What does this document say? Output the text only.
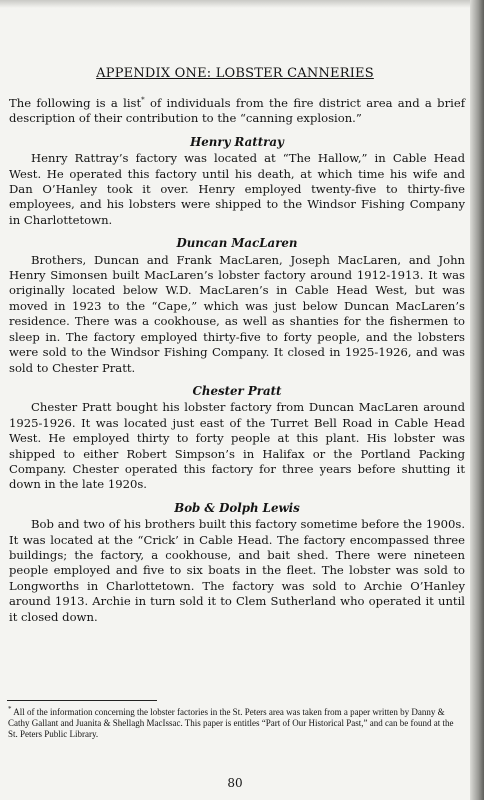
APPENDIX ONE: LOBSTER CANNERIES

The following is a list* of individuals from the fire district area and a brief description of their contribution to the “canning explosion.”

Henry Rattray

Henry Rattray’s factory was located at “The Hallow,” in Cable Head West. He operated this factory until his death, at which time his wife and Dan O’Hanley took it over. Henry employed twenty-five to thirty-five employees, and his lobsters were shipped to the Windsor Fishing Company in Charlottetown.

Duncan MacLaren

Brothers, Duncan and Frank MacLaren, Joseph MacLaren, and John Henry Simonsen built MacLaren’s lobster factory around 1912-1913. It was originally located below W.D. MacLaren’s in Cable Head West, but was moved in 1923 to the “Cape,” which was just below Duncan MacLaren’s residence. There was a cookhouse, as well as shanties for the fishermen to sleep in. The factory employed thirty-five to forty people, and the lobsters were sold to the Windsor Fishing Company. It closed in 1925-1926, and was sold to Chester Pratt.

Chester Pratt

Chester Pratt bought his lobster factory from Duncan MacLaren around 1925-1926. It was located just east of the Turret Bell Road in Cable Head West. He employed thirty to forty people at this plant. His lobster was shipped to either Robert Simpson’s in Halifax or the Portland Packing Company. Chester operated this factory for three years before shutting it down in the late 1920s.

Bob & Dolph Lewis

Bob and two of his brothers built this factory sometime before the 1900s. It was located at the “Crick’ in Cable Head. The factory encompassed three buildings; the factory, a cookhouse, and bait shed. There were nineteen people employed and five to six boats in the fleet. The lobster was sold to Longworths in Charlottetown. The factory was sold to Archie O’Hanley around 1913. Archie in turn sold it to Clem Sutherland who operated it until it closed down.

* All of the information concerning the lobster factories in the St. Peters area was taken from a paper written by Danny & Cathy Gallant and Juanita & Shellagh MacIssac. This paper is entitles “Part of Our Historical Past,” and can be found at the St. Peters Public Library.
80
